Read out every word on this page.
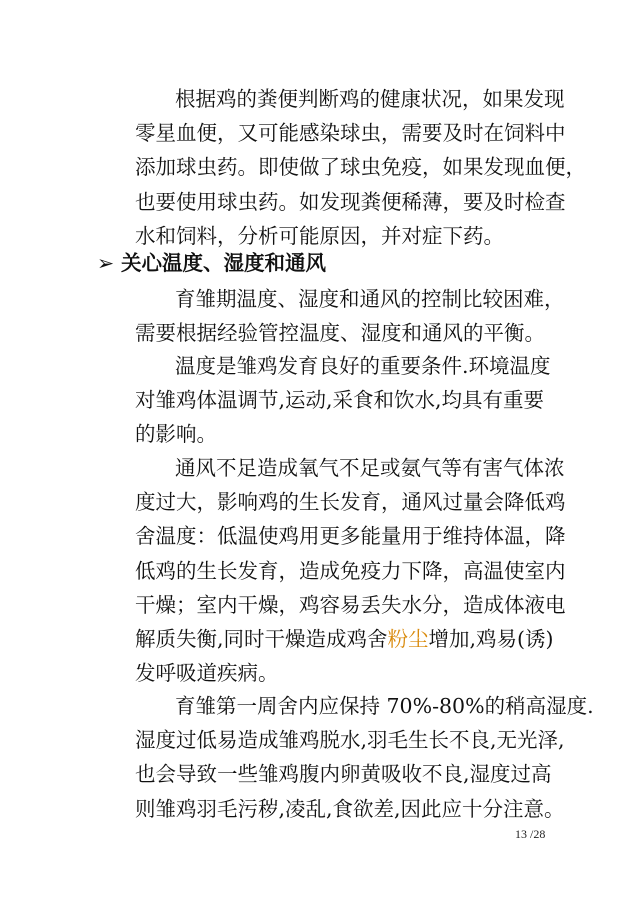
根据鸡的粪便判断鸡的健康状况，如果发现
零星血便，又可能感染球虫，需要及时在饲料中
添加球虫药。即使做了球虫免疫，如果发现血便，
也要使用球虫药。如发现粪便稀薄，要及时检查
水和饲料，分析可能原因，并对症下药。

➢ 关心温度、湿度和通风

育雏期温度、湿度和通风的控制比较困难，
需要根据经验管控温度、湿度和通风的平衡。

温度是雏鸡发育良好的重要条件.环境温度
对雏鸡体温调节,运动,采食和饮水,均具有重要
的影响。

通风不足造成氧气不足或氨气等有害气体浓
度过大，影响鸡的生长发育，通风过量会降低鸡
舍温度：低温使鸡用更多能量用于维持体温，降
低鸡的生长发育，造成免疫力下降，高温使室内
干燥；室内干燥，鸡容易丢失水分，造成体液电
解质失衡,同时干燥造成鸡舍粉尘增加,鸡易(诱)
发呼吸道疾病。

育雏第一周舍内应保持 70%-80%的稍高湿度.
湿度过低易造成雏鸡脱水,羽毛生长不良,无光泽,
也会导致一些雏鸡腹内卵黄吸收不良,湿度过高
则雏鸡羽毛污秽,凌乱,食欲差,因此应十分注意。

13 /28
